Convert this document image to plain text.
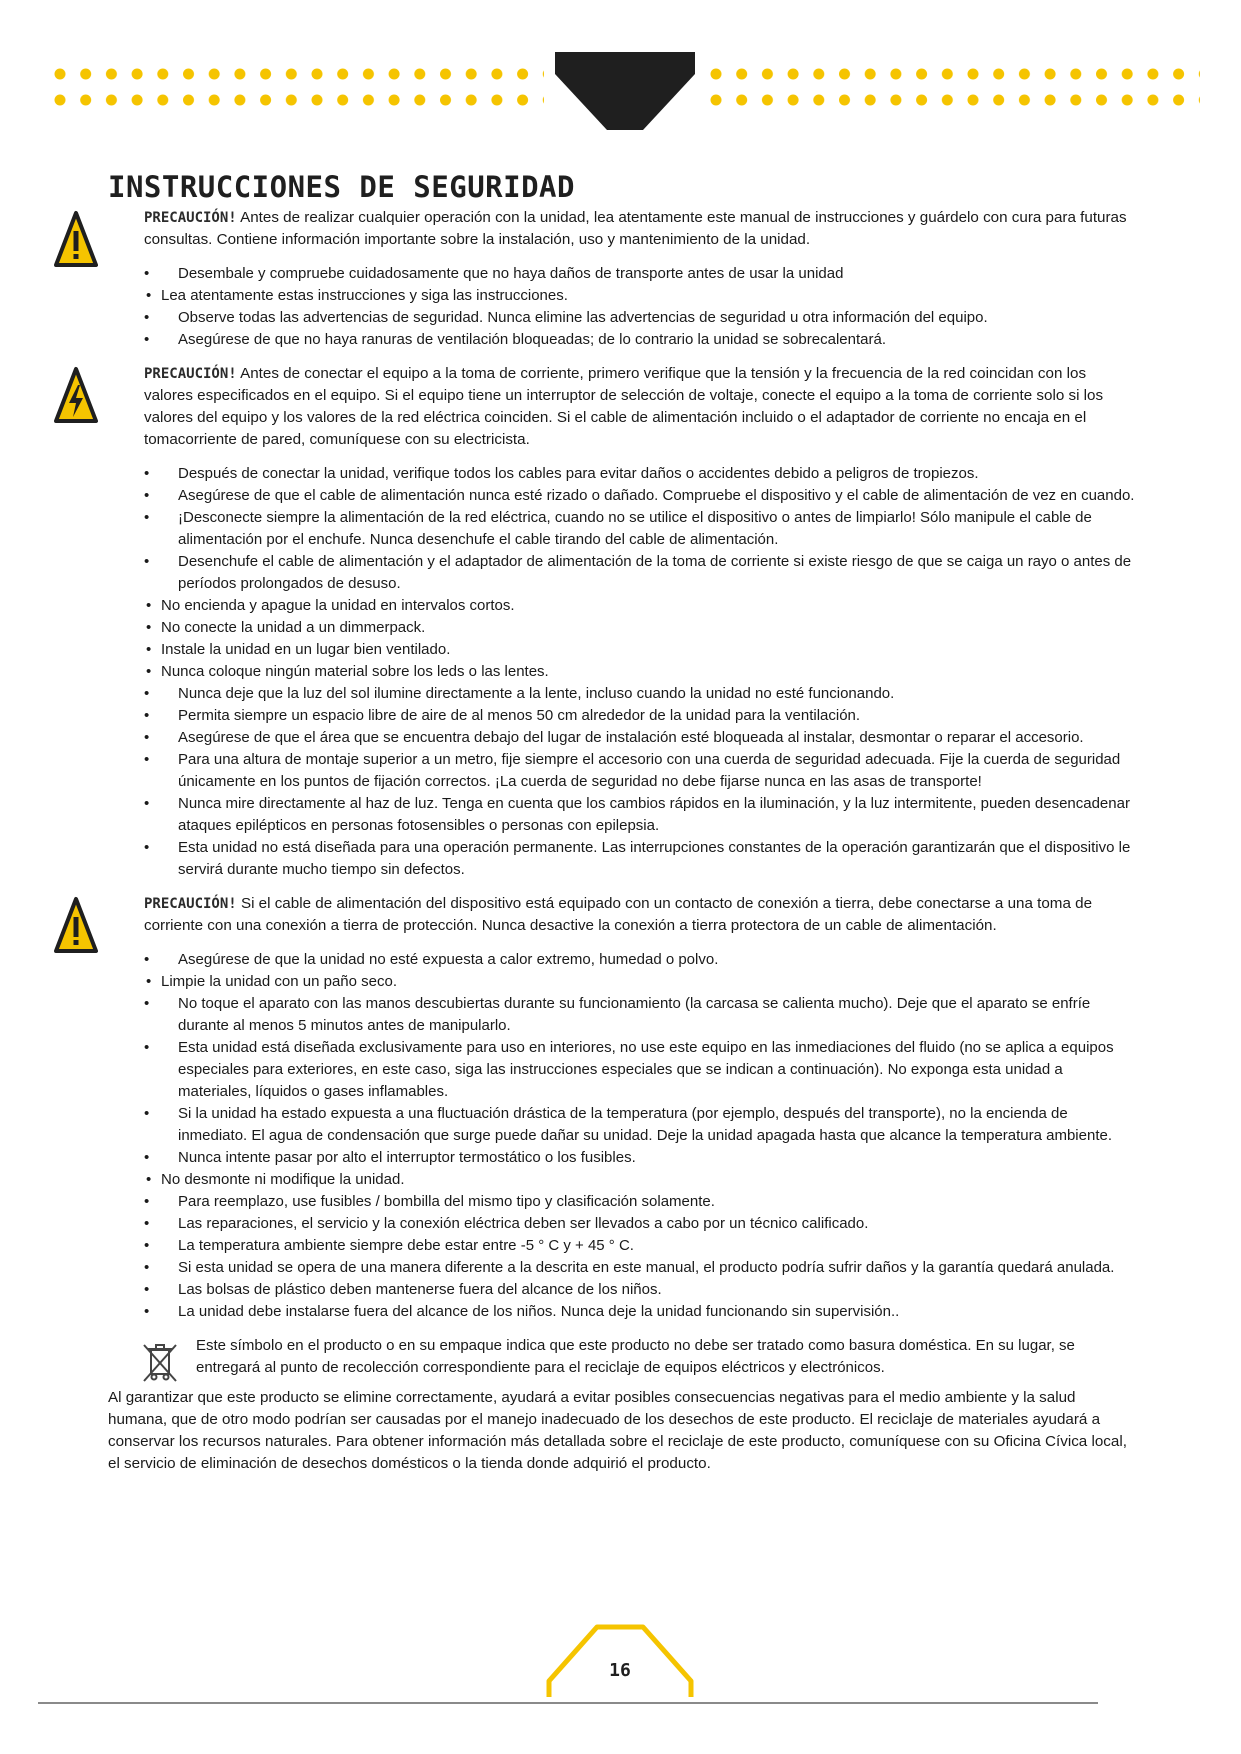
INSTRUCCIONES DE SEGURIDAD

PRECAUCIÓN! Antes de realizar cualquier operación con la unidad, lea atentamente este manual de instrucciones y guárdelo con cura para futuras consultas. Contiene información importante sobre la instalación, uso y mantenimiento de la unidad.

• Desembale y compruebe cuidadosamente que no haya daños de transporte antes de usar la unidad
• Lea atentamente estas instrucciones y siga las instrucciones.
• Observe todas las advertencias de seguridad. Nunca elimine las advertencias de seguridad u otra información del equipo.
• Asegúrese de que no haya ranuras de ventilación bloqueadas; de lo contrario la unidad se sobrecalentará.

PRECAUCIÓN! Antes de conectar el equipo a la toma de corriente, primero verifique que la tensión y la frecuencia de la red coincidan con los valores especificados en el equipo. Si el equipo tiene un interruptor de selección de voltaje, conecte el equipo a la toma de corriente solo si los valores del equipo y los valores de la red eléctrica coinciden. Si el cable de alimentación incluido o el adaptador de corriente no encaja en el tomacorriente de pared, comuníquese con su electricista.

• Después de conectar la unidad, verifique todos los cables para evitar daños o accidentes debido a peligros de tropiezos.
• Asegúrese de que el cable de alimentación nunca esté rizado o dañado. Compruebe el dispositivo y el cable de alimentación de vez en cuando.
• ¡Desconecte siempre la alimentación de la red eléctrica, cuando no se utilice el dispositivo o antes de limpiarlo! Sólo manipule el cable de alimentación por el enchufe. Nunca desenchufe el cable tirando del cable de alimentación.
• Desenchufe el cable de alimentación y el adaptador de alimentación de la toma de corriente si existe riesgo de que se caiga un rayo o antes de períodos prolongados de desuso.
• No encienda y apague la unidad en intervalos cortos.
• No conecte la unidad a un dimmerpack.
• Instale la unidad en un lugar bien ventilado.
• Nunca coloque ningún material sobre los leds o las lentes.
• Nunca deje que la luz del sol ilumine directamente a la lente, incluso cuando la unidad no esté funcionando.
• Permita siempre un espacio libre de aire de al menos 50 cm alrededor de la unidad para la ventilación.
• Asegúrese de que el área que se encuentra debajo del lugar de instalación esté bloqueada al instalar, desmontar o reparar el accesorio.
• Para una altura de montaje superior a un metro, fije siempre el accesorio con una cuerda de seguridad adecuada. Fije la cuerda de seguridad únicamente en los puntos de fijación correctos. ¡La cuerda de seguridad no debe fijarse nunca en las asas de transporte!
• Nunca mire directamente al haz de luz. Tenga en cuenta que los cambios rápidos en la iluminación, y la luz intermitente, pueden desencadenar ataques epilépticos en personas fotosensibles o personas con epilepsia.
• Esta unidad no está diseñada para una operación permanente. Las interrupciones constantes de la operación garantizarán que el dispositivo le servirá durante mucho tiempo sin defectos.

PRECAUCIÓN! Si el cable de alimentación del dispositivo está equipado con un contacto de conexión a tierra, debe conectarse a una toma de corriente con una conexión a tierra de protección. Nunca desactive la conexión a tierra protectora de un cable de alimentación.

• Asegúrese de que la unidad no esté expuesta a calor extremo, humedad o polvo.
• Limpie la unidad con un paño seco.
• No toque el aparato con las manos descubiertas durante su funcionamiento (la carcasa se calienta mucho). Deje que el aparato se enfríe durante al menos 5 minutos antes de manipularlo.
• Esta unidad está diseñada exclusivamente para uso en interiores, no use este equipo en las inmediaciones del fluido (no se aplica a equipos especiales para exteriores, en este caso, siga las instrucciones especiales que se indican a continuación). No exponga esta unidad a materiales, líquidos o gases inflamables.
• Si la unidad ha estado expuesta a una fluctuación drástica de la temperatura (por ejemplo, después del transporte), no la encienda de inmediato. El agua de condensación que surge puede dañar su unidad. Deje la unidad apagada hasta que alcance la temperatura ambiente.
• Nunca intente pasar por alto el interruptor termostático o los fusibles.
• No desmonte ni modifique la unidad.
• Para reemplazo, use fusibles / bombilla del mismo tipo y clasificación solamente.
• Las reparaciones, el servicio y la conexión eléctrica deben ser llevados a cabo por un técnico calificado.
• La temperatura ambiente siempre debe estar entre -5 ° C y + 45 ° C.
• Si esta unidad se opera de una manera diferente a la descrita en este manual, el producto podría sufrir daños y la garantía quedará anulada.
• Las bolsas de plástico deben mantenerse fuera del alcance de los niños.
• La unidad debe instalarse fuera del alcance de los niños. Nunca deje la unidad funcionando sin supervisión..

Este símbolo en el producto o en su empaque indica que este producto no debe ser tratado como basura doméstica. En su lugar, se entregará al punto de recolección correspondiente para el reciclaje de equipos eléctricos y electrónicos.

Al garantizar que este producto se elimine correctamente, ayudará a evitar posibles consecuencias negativas para el medio ambiente y la salud humana, que de otro modo podrían ser causadas por el manejo inadecuado de los desechos de este producto. El reciclaje de materiales ayudará a conservar los recursos naturales. Para obtener información más detallada sobre el reciclaje de este producto, comuníquese con su Oficina Cívica local, el servicio de eliminación de desechos domésticos o la tienda donde adquirió el producto.

16
